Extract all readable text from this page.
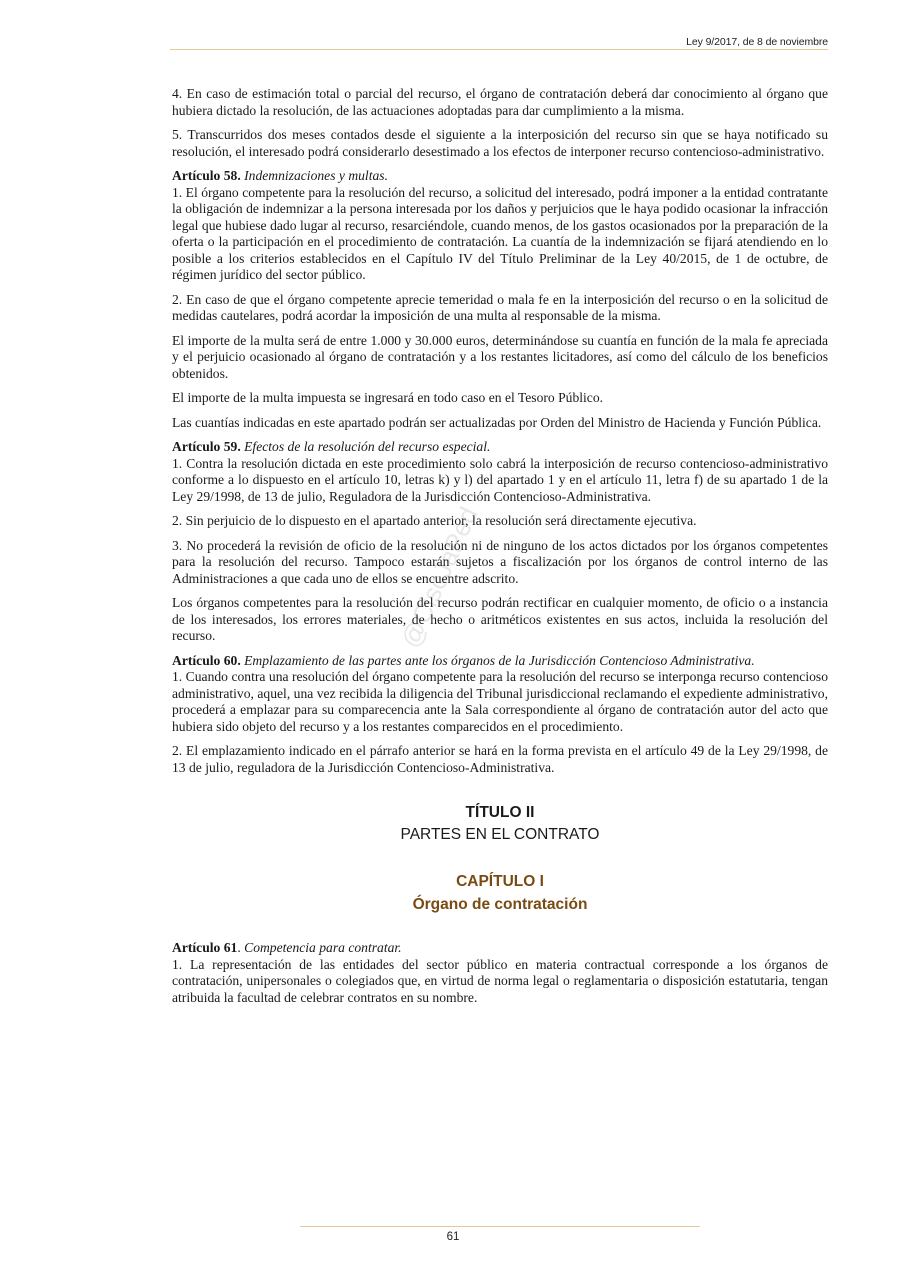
Ley 9/2017, de 8 de noviembre
@CiscJaPed

4. En caso de estimación total o parcial del recurso, el órgano de contratación deberá dar conocimiento al órgano que hubiera dictado la resolución, de las actuaciones adoptadas para dar cumplimiento a la misma.

5. Transcurridos dos meses contados desde el siguiente a la interposición del recurso sin que se haya notificado su resolución, el interesado podrá considerarlo desestimado a los efectos de interponer recurso contencioso-administrativo.

Artículo 58. Indemnizaciones y multas.

1. El órgano competente para la resolución del recurso, a solicitud del interesado, podrá imponer a la entidad contratante la obligación de indemnizar a la persona interesada por los daños y perjuicios que le haya podido ocasionar la infracción legal que hubiese dado lugar al recurso, resarciéndole, cuando menos, de los gastos ocasionados por la preparación de la oferta o la participación en el procedimiento de contratación. La cuantía de la indemnización se fijará atendiendo en lo posible a los criterios establecidos en el Capítulo IV del Título Preliminar de la Ley 40/2015, de 1 de octubre, de régimen jurídico del sector público.

2. En caso de que el órgano competente aprecie temeridad o mala fe en la interposición del recurso o en la solicitud de medidas cautelares, podrá acordar la imposición de una multa al responsable de la misma.

El importe de la multa será de entre 1.000 y 30.000 euros, determinándose su cuantía en función de la mala fe apreciada y el perjuicio ocasionado al órgano de contratación y a los restantes licitadores, así como del cálculo de los beneficios obtenidos.

El importe de la multa impuesta se ingresará en todo caso en el Tesoro Público.

Las cuantías indicadas en este apartado podrán ser actualizadas por Orden del Ministro de Hacienda y Función Pública.

Artículo 59. Efectos de la resolución del recurso especial.

1. Contra la resolución dictada en este procedimiento solo cabrá la interposición de recurso contencioso-administrativo conforme a lo dispuesto en el artículo 10, letras k) y l) del apartado 1 y en el artículo 11, letra f) de su apartado 1 de la Ley 29/1998, de 13 de julio, Reguladora de la Jurisdicción Contencioso-Administrativa.

2. Sin perjuicio de lo dispuesto en el apartado anterior, la resolución será directamente ejecutiva.

3. No procederá la revisión de oficio de la resolución ni de ninguno de los actos dictados por los órganos competentes para la resolución del recurso. Tampoco estarán sujetos a fiscalización por los órganos de control interno de las Administraciones a que cada uno de ellos se encuentre adscrito.

Los órganos competentes para la resolución del recurso podrán rectificar en cualquier momento, de oficio o a instancia de los interesados, los errores materiales, de hecho o aritméticos existentes en sus actos, incluida la resolución del recurso.

Artículo 60. Emplazamiento de las partes ante los órganos de la Jurisdicción Contencioso Administrativa.

1. Cuando contra una resolución del órgano competente para la resolución del recurso se interponga recurso contencioso administrativo, aquel, una vez recibida la diligencia del Tribunal jurisdiccional reclamando el expediente administrativo, procederá a emplazar para su comparecencia ante la Sala correspondiente al órgano de contratación autor del acto que hubiera sido objeto del recurso y a los restantes comparecidos en el procedimiento.

2. El emplazamiento indicado en el párrafo anterior se hará en la forma prevista en el artículo 49 de la Ley 29/1998, de 13 de julio, reguladora de la Jurisdicción Contencioso-Administrativa.

TÍTULO II
PARTES EN EL CONTRATO
CAPÍTULO I
Órgano de contratación

Artículo 61. Competencia para contratar.

1. La representación de las entidades del sector público en materia contractual corresponde a los órganos de contratación, unipersonales o colegiados que, en virtud de norma legal o reglamentaria o disposición estatutaria, tengan atribuida la facultad de celebrar contratos en su nombre.

61
